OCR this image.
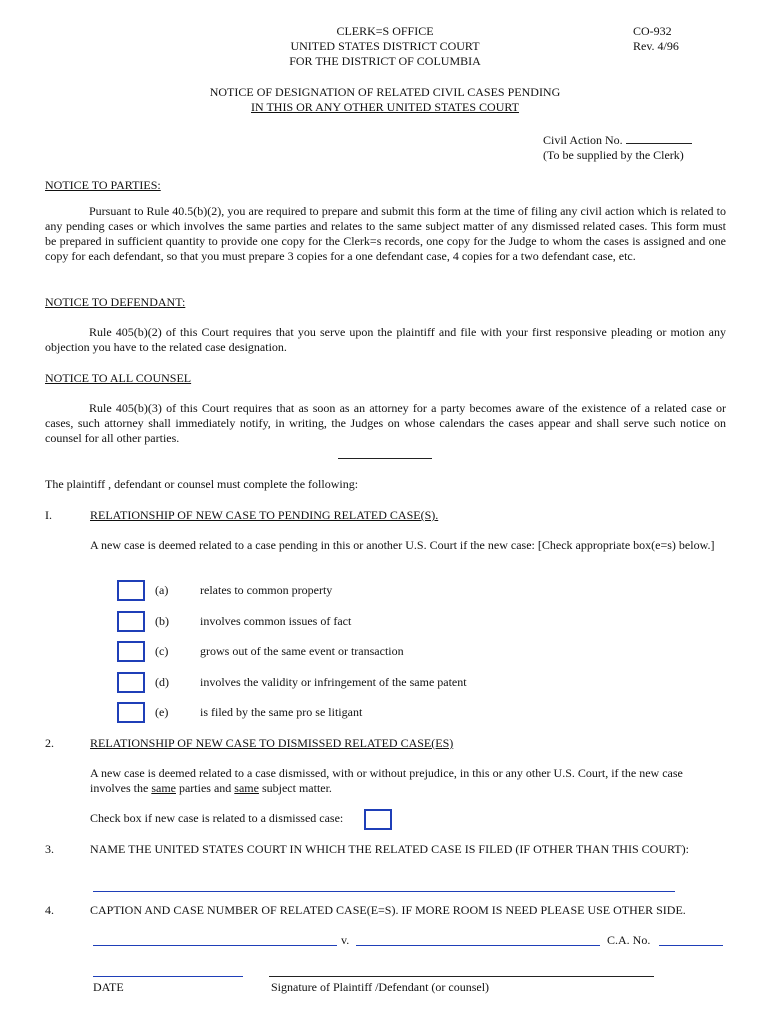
CLERK=S OFFICE
UNITED STATES DISTRICT COURT
FOR THE DISTRICT OF COLUMBIA
CO-932
Rev. 4/96
NOTICE OF DESIGNATION OF RELATED CIVIL CASES PENDING
IN THIS OR ANY OTHER UNITED STATES COURT
Civil Action No.
(To be supplied by the Clerk)
NOTICE TO PARTIES:
Pursuant to Rule 40.5(b)(2), you are required to prepare and submit this form at the time of filing any civil action which is related to any pending cases or which involves the same parties and relates to the same subject matter of any dismissed related cases. This form must be prepared in sufficient quantity to provide one copy for the Clerk=s records, one copy for the Judge to whom the cases is assigned and one copy for each defendant, so that you must prepare 3 copies for a one defendant case, 4 copies for a two defendant case, etc.
NOTICE TO DEFENDANT:
Rule 405(b)(2) of this Court requires that you serve upon the plaintiff and file with your first responsive pleading or motion any objection you have to the related case designation.
NOTICE TO ALL COUNSEL
Rule 405(b)(3) of this Court requires that as soon as an attorney for a party becomes aware of the existence of a related case or cases, such attorney shall immediately notify, in writing, the Judges on whose calendars the cases appear and shall serve such notice on counsel for all other parties.
The plaintiff , defendant or counsel must complete the following:
I.	RELATIONSHIP OF NEW CASE TO PENDING RELATED CASE(S).
A new case is deemed related to a case pending in this or another U.S. Court if the new case: [Check appropriate box(e=s) below.]
(a)	relates to common property
(b)	involves common issues of fact
(c)	grows out of the same event or transaction
(d)	involves the validity or infringement of the same patent
(e)	is filed by the same pro se litigant
2.	RELATIONSHIP OF NEW CASE TO DISMISSED RELATED CASE(ES)
A new case is deemed related to a case dismissed, with or without prejudice, in this or any other U.S. Court, if the new case involves the same parties and same subject matter.
Check box if new case is related to a dismissed case:
3.	NAME THE UNITED STATES COURT IN WHICH THE RELATED CASE IS FILED (IF OTHER THAN THIS COURT):
4.	CAPTION AND CASE NUMBER OF RELATED CASE(E=S). IF MORE ROOM IS NEED PLEASE USE OTHER SIDE.
v.	C.A. No.
DATE	Signature of Plaintiff /Defendant (or counsel)
